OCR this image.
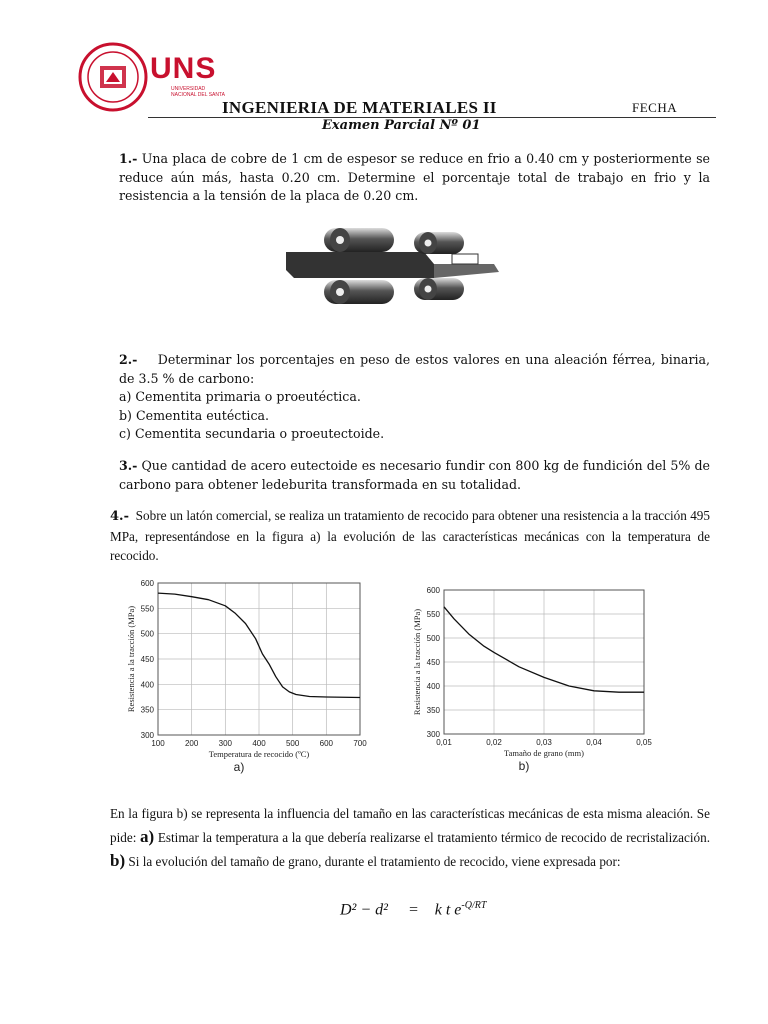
UNS
UNIVERSIDAD
NACIONAL DEL SANTA
INGENIERIA DE MATERIALES II	FECHA
Examen Parcial Nº 01
1.- Una placa de cobre de 1 cm de espesor se reduce en frio a 0.40 cm y posteriormente se reduce aún más, hasta 0.20 cm. Determine el porcentaje total de trabajo en frio y la resistencia a la tensión de la placa de 0.20 cm.
2.- Determinar los porcentajes en peso de estos valores en una aleación férrea, binaria, de 3.5 % de carbono:
a) Cementita primaria o proeutéctica.
b) Cementita eutéctica.
c) Cementita secundaria o proeutectoide.
3.- Que cantidad de acero eutectoide es necesario fundir con 800 kg de fundición del 5% de carbono para obtener ledeburita transformada en su totalidad.
4.- Sobre un latón comercial, se realiza un tratamiento de recocido para obtener una resistencia a la tracción 495 MPa, representándose en la figura a) la evolución de las características mecánicas con la temperatura de recocido.
300
350
400
450
500
550
600
100	200	300	400	500	600	700
Temperatura de recocido (ºC)
Resistencia a la tracción (MPa)
a)
300
350
400
450
500
550
600
0,01	0,02	0,03	0,04	0,05
Tamaño de grano (mm)
Resistencia a la tracción (MPa)
b)
En la figura b) se representa la influencia del tamaño en las características mecánicas de esta misma aleación. Se pide: a) Estimar la temperatura a la que debería realizarse el tratamiento térmico de recocido de recristalización. b) Si la evolución del tamaño de grano, durante el tratamiento de recocido, viene expresada por:
D² − d² = k t $e^{-Q/RT}$
